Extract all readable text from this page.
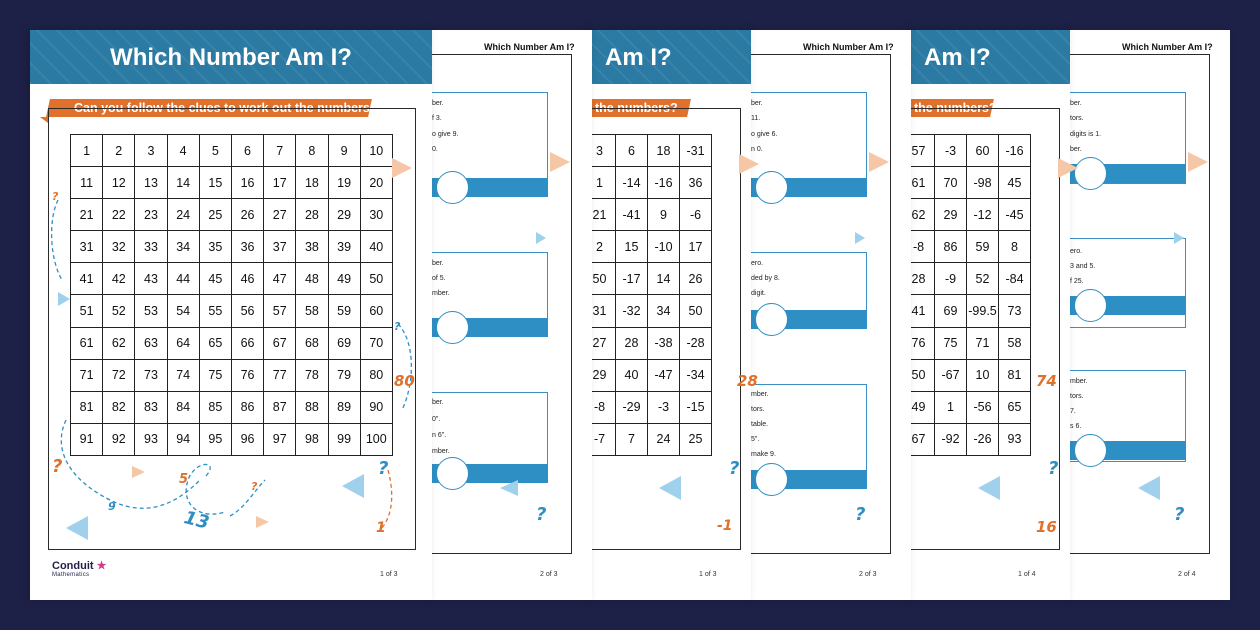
Which Number Am I?
ber.
tors.
digits is 1.
ber.
ero.
3 and 5.
f 25.
mber.
tors.
7.
s 6.
?
2 of 4
Am I?
the numbers?
57	-3	60	-16
61	70	-98	45
62	29	-12	-45
-8	86	59	8
28	-9	52	-84
41	69	-99.5	73
76	75	71	58
50	-67	10	81
49	1	-56	65
67	-92	-26	93
74
16
?
1 of 4
Which Number Am I?
ber.
11.
o give 6.
n 0.
ero.
ded by 8.
digit.
mber.
tors.
table.
5".
make 9.
?
2 of 3
Am I?
the numbers?
3	6	18	-31
1	-14	-16	36
21	-41	9	-6
2	15	-10	17
50	-17	14	26
31	-32	34	50
27	28	-38	-28
29	40	-47	-34
-8	-29	-3	-15
-7	7	24	25
28
-1
?
1 of 3
Which Number Am I?
ber.
f 3.
o give 9.
0.
ber.
of 5.
mber.
ber.
0".
n 6".
mber.
?
2 of 3
Which Number Am I?
Can you follow the clues to work out the numbers?
1	2	3	4	5	6	7	8	9	10
11	12	13	14	15	16	17	18	19	20
21	22	23	24	25	26	27	28	29	30
31	32	33	34	35	36	37	38	39	40
41	42	43	44	45	46	47	48	49	50
51	52	53	54	55	56	57	58	59	60
61	62	63	64	65	66	67	68	69	70
71	72	73	74	75	76	77	78	79	80
81	82	83	84	85	86	87	88	89	90
91	92	93	94	95	96	97	98	99	100
?
?
80
5
9
13
?
1
?
?
Conduit ★
Mathematics	1 of 3
